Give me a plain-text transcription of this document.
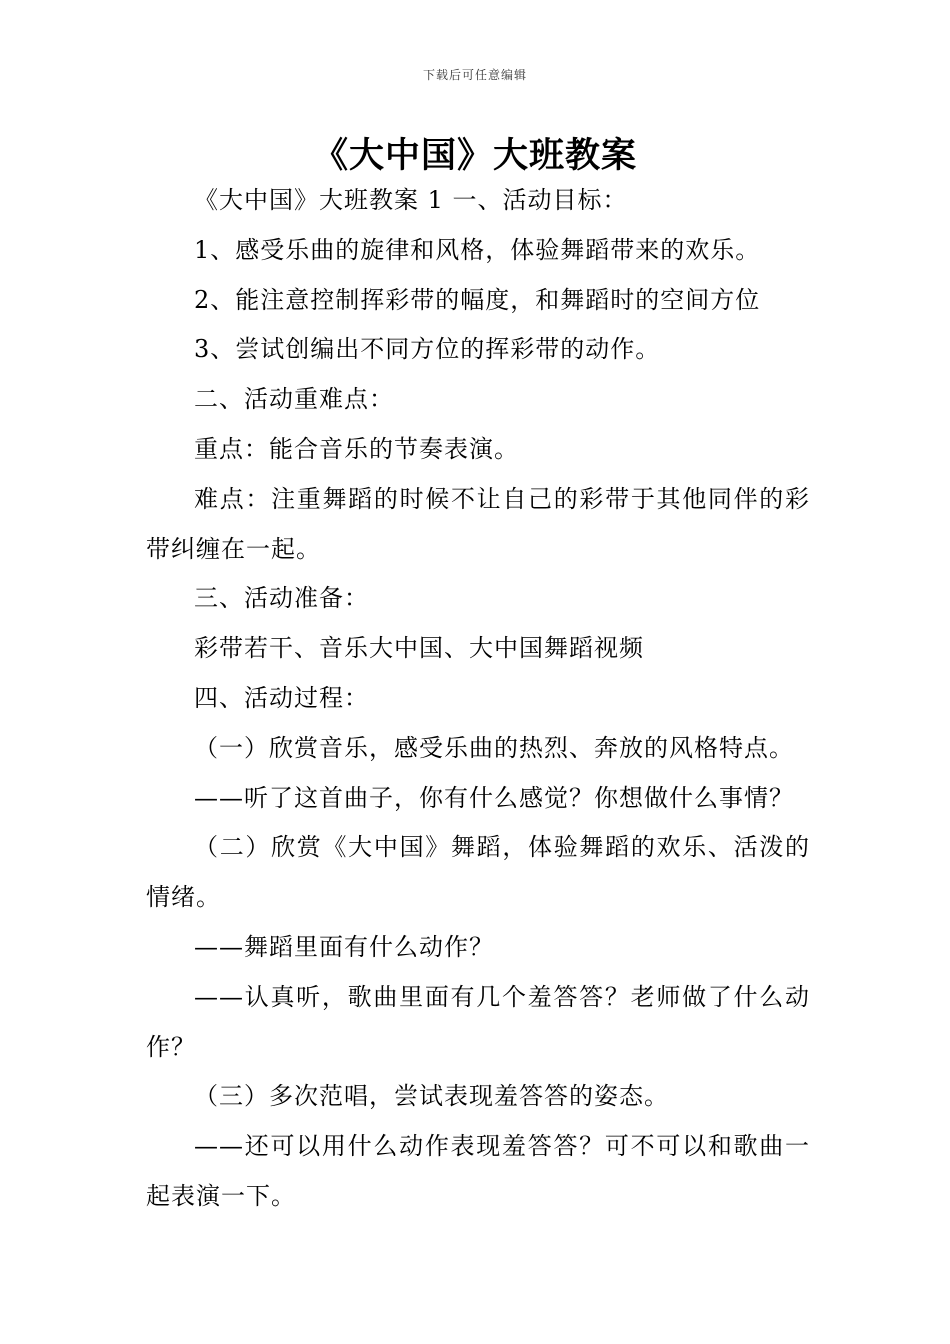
下载后可任意编辑
《大中国》大班教案

《大中国》大班教案 1 一、活动目标：

1、感受乐曲的旋律和风格，体验舞蹈带来的欢乐。

2、能注意控制挥彩带的幅度，和舞蹈时的空间方位

3、尝试创编出不同方位的挥彩带的动作。

二、活动重难点：

重点：能合音乐的节奏表演。

难点：注重舞蹈的时候不让自己的彩带于其他同伴的彩带纠缠在一起。

三、活动准备：

彩带若干、音乐大中国、大中国舞蹈视频

四、活动过程：

（一）欣赏音乐，感受乐曲的热烈、奔放的风格特点。

——听了这首曲子，你有什么感觉？你想做什么事情？

（二）欣赏《大中国》舞蹈，体验舞蹈的欢乐、活泼的情绪。

——舞蹈里面有什么动作？

——认真听，歌曲里面有几个羞答答？老师做了什么动作？

（三）多次范唱，尝试表现羞答答的姿态。

——还可以用什么动作表现羞答答？可不可以和歌曲一起表演一下。
